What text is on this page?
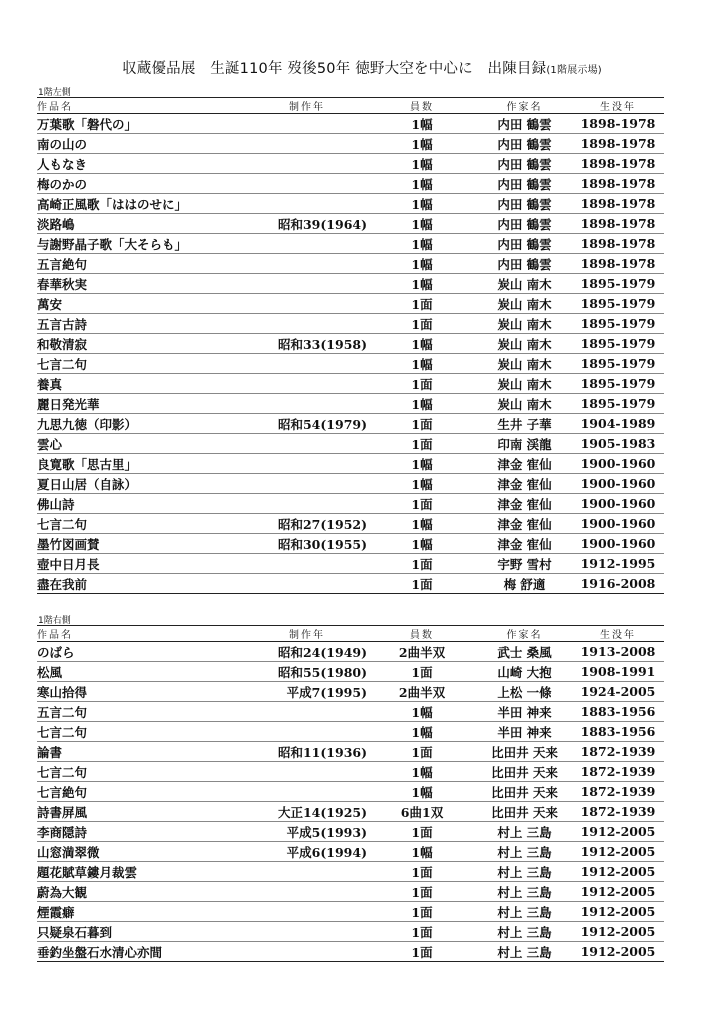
収蔵優品展　生誕110年 歿後50年 徳野大空を中心に　出陳目録(1階展示場)
1階左側
作品名	制作年	員数	作家名	生没年
万葉歌「磐代の」		1幅	内田 鶴雲	1898-1978
南の山の		1幅	内田 鶴雲	1898-1978
人もなき		1幅	内田 鶴雲	1898-1978
梅のかの		1幅	内田 鶴雲	1898-1978
高崎正風歌「ははのせに」		1幅	内田 鶴雲	1898-1978
淡路嶋	昭和39(1964)	1幅	内田 鶴雲	1898-1978
与謝野晶子歌「大そらも」		1幅	内田 鶴雲	1898-1978
五言絶句		1幅	内田 鶴雲	1898-1978
春華秋実		1幅	炭山 南木	1895-1979
萬安		1面	炭山 南木	1895-1979
五言古詩		1面	炭山 南木	1895-1979
和敬清寂	昭和33(1958)	1幅	炭山 南木	1895-1979
七言二句		1幅	炭山 南木	1895-1979
養真		1面	炭山 南木	1895-1979
麗日発光華		1幅	炭山 南木	1895-1979
九思九徳（印影）	昭和54(1979)	1面	生井 子華	1904-1989
雲心		1面	印南 渓龍	1905-1983
良寛歌「思古里」		1幅	津金 寉仙	1900-1960
夏日山居（自詠）		1幅	津金 寉仙	1900-1960
佛山詩		1面	津金 寉仙	1900-1960
七言二句	昭和27(1952)	1幅	津金 寉仙	1900-1960
墨竹図画賛	昭和30(1955)	1幅	津金 寉仙	1900-1960
壺中日月長		1面	宇野 雪村	1912-1995
盡在我前		1面	梅 舒適	1916-2008
1階右側
作品名	制作年	員数	作家名	生没年
のばら	昭和24(1949)	2曲半双	武士 桑風	1913-2008
松風	昭和55(1980)	1面	山崎 大抱	1908-1991
寒山拾得	平成7(1995)	2曲半双	上松 一條	1924-2005
五言二句		1幅	半田 神来	1883-1956
七言二句		1幅	半田 神来	1883-1956
論書	昭和11(1936)	1面	比田井 天来	1872-1939
七言二句		1幅	比田井 天来	1872-1939
七言絶句		1幅	比田井 天来	1872-1939
詩書屏風	大正14(1925)	6曲1双	比田井 天来	1872-1939
李商隠詩	平成5(1993)	1面	村上 三島	1912-2005
山窓満翠微	平成6(1994)	1幅	村上 三島	1912-2005
題花賦草鏤月裁雲		1面	村上 三島	1912-2005
蔚為大観		1面	村上 三島	1912-2005
煙霞癖		1面	村上 三島	1912-2005
只疑泉石暮到		1面	村上 三島	1912-2005
垂釣坐盤石水清心亦間		1面	村上 三島	1912-2005
